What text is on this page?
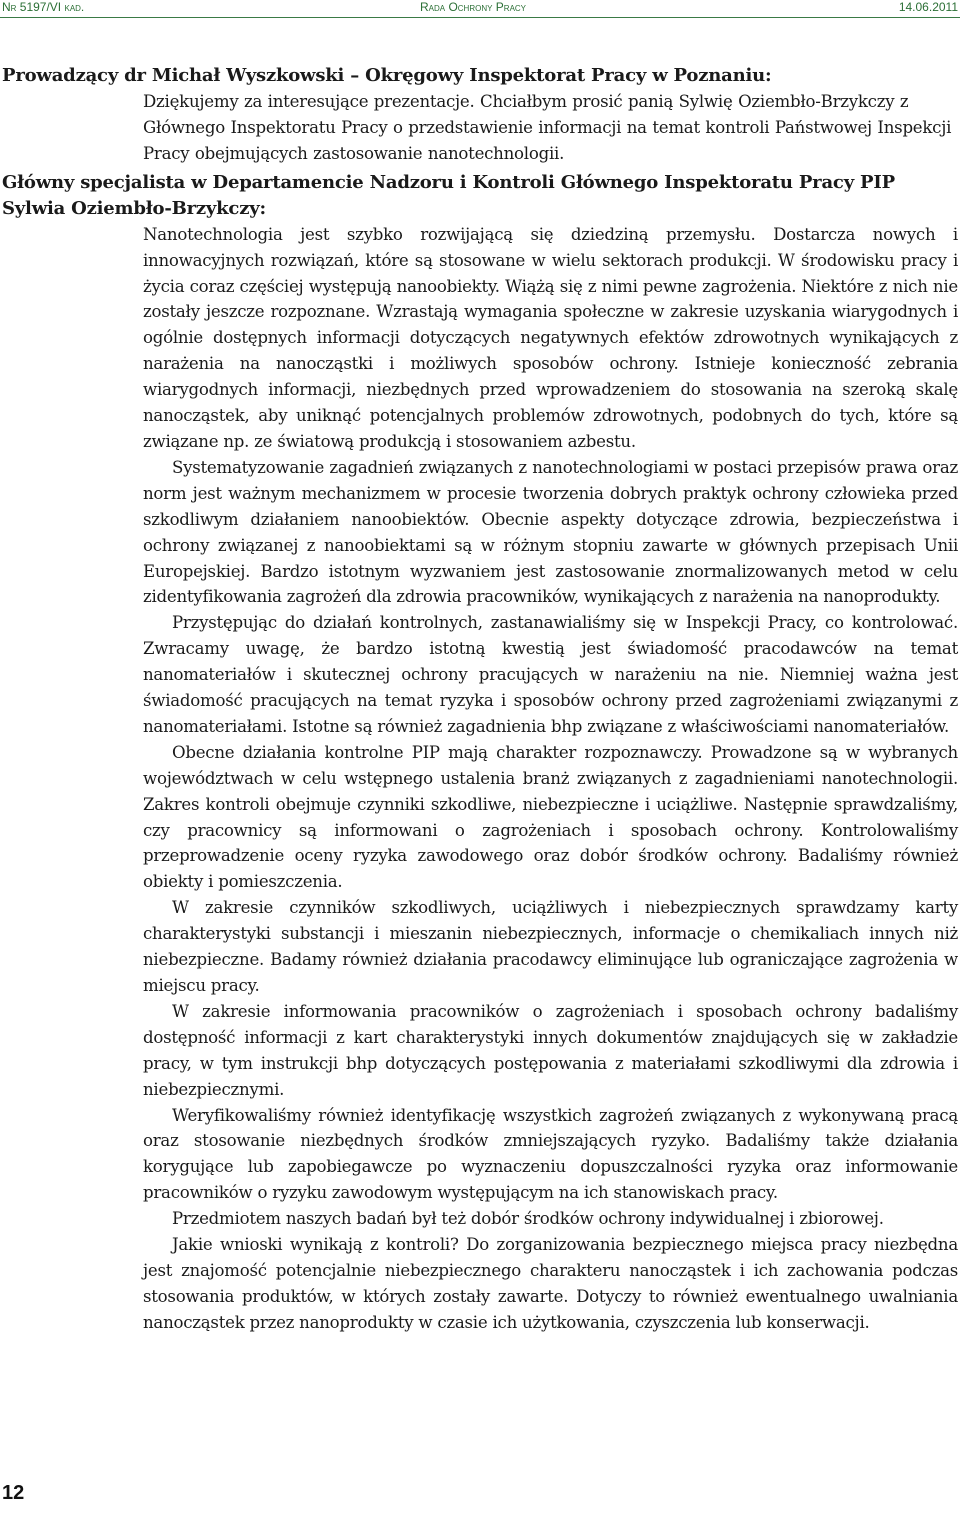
Nr 5197/VI kad.	Rada Ochrony Pracy	14.06.2011

Prowadzący dr Michał Wyszkowski – Okręgowy Inspektorat Pracy w Poznaniu:

Dziękujemy za interesujące prezentacje. Chciałbym prosić panią Sylwię Oziembło-Brzykczy z Głównego Inspektoratu Pracy o przedstawienie informacji na temat kontroli Państwowej Inspekcji Pracy obejmujących zastosowanie nanotechnologii.

Główny specjalista w Departamencie Nadzoru i Kontroli Głównego Inspektoratu Pracy PIP Sylwia Oziembło-Brzykczy:

Nanotechnologia jest szybko rozwijającą się dziedziną przemysłu. Dostarcza nowych i innowacyjnych rozwiązań, które są stosowane w wielu sektorach produkcji. W środowisku pracy i życia coraz częściej występują nanoobiekty. Wiążą się z nimi pewne zagrożenia. Niektóre z nich nie zostały jeszcze rozpoznane. Wzrastają wymagania społeczne w zakresie uzyskania wiarygodnych i ogólnie dostępnych informacji dotyczących negatywnych efektów zdrowotnych wynikających z narażenia na nanocząstki i możliwych sposobów ochrony. Istnieje konieczność zebrania wiarygodnych informacji, niezbędnych przed wprowadzeniem do stosowania na szeroką skalę nanocząstek, aby uniknąć potencjalnych problemów zdrowotnych, podobnych do tych, które są związane np. ze światową produkcją i stosowaniem azbestu.

Systematyzowanie zagadnień związanych z nanotechnologiami w postaci przepisów prawa oraz norm jest ważnym mechanizmem w procesie tworzenia dobrych praktyk ochrony człowieka przed szkodliwym działaniem nanoobiektów. Obecnie aspekty dotyczące zdrowia, bezpieczeństwa i ochrony związanej z nanoobiektami są w różnym stopniu zawarte w głównych przepisach Unii Europejskiej. Bardzo istotnym wyzwaniem jest zastosowanie znormalizowanych metod w celu zidentyfikowania zagrożeń dla zdrowia pracowników, wynikających z narażenia na nanoprodukty.

Przystępując do działań kontrolnych, zastanawialiśmy się w Inspekcji Pracy, co kontrolować. Zwracamy uwagę, że bardzo istotną kwestią jest świadomość pracodawców na temat nanomateriałów i skutecznej ochrony pracujących w narażeniu na nie. Niemniej ważna jest świadomość pracujących na temat ryzyka i sposobów ochrony przed zagrożeniami związanymi z nanomateriałami. Istotne są również zagadnienia bhp związane z właściwościami nanomateriałów.

Obecne działania kontrolne PIP mają charakter rozpoznawczy. Prowadzone są w wybranych województwach w celu wstępnego ustalenia branż związanych z zagadnieniami nanotechnologii. Zakres kontroli obejmuje czynniki szkodliwe, niebezpieczne i uciążliwe. Następnie sprawdzaliśmy, czy pracownicy są informowani o zagrożeniach i sposobach ochrony. Kontrolowaliśmy przeprowadzenie oceny ryzyka zawodowego oraz dobór środków ochrony. Badaliśmy również obiekty i pomieszczenia.

W zakresie czynników szkodliwych, uciążliwych i niebezpiecznych sprawdzamy karty charakterystyki substancji i mieszanin niebezpiecznych, informacje o chemikaliach innych niż niebezpieczne. Badamy również działania pracodawcy eliminujące lub ograniczające zagrożenia w miejscu pracy.

W zakresie informowania pracowników o zagrożeniach i sposobach ochrony badaliśmy dostępność informacji z kart charakterystyki innych dokumentów znajdujących się w zakładzie pracy, w tym instrukcji bhp dotyczących postępowania z materiałami szkodliwymi dla zdrowia i niebezpiecznymi.

Weryfikowaliśmy również identyfikację wszystkich zagrożeń związanych z wykonywaną pracą oraz stosowanie niezbędnych środków zmniejszających ryzyko. Badaliśmy także działania korygujące lub zapobiegawcze po wyznaczeniu dopuszczalności ryzyka oraz informowanie pracowników o ryzyku zawodowym występującym na ich stanowiskach pracy.

Przedmiotem naszych badań był też dobór środków ochrony indywidualnej i zbiorowej.

Jakie wnioski wynikają z kontroli? Do zorganizowania bezpiecznego miejsca pracy niezbędna jest znajomość potencjalnie niebezpiecznego charakteru nanocząstek i ich zachowania podczas stosowania produktów, w których zostały zawarte. Dotyczy to również ewentualnego uwalniania nanocząstek przez nanoprodukty w czasie ich użytkowania, czyszczenia lub konserwacji.

12
